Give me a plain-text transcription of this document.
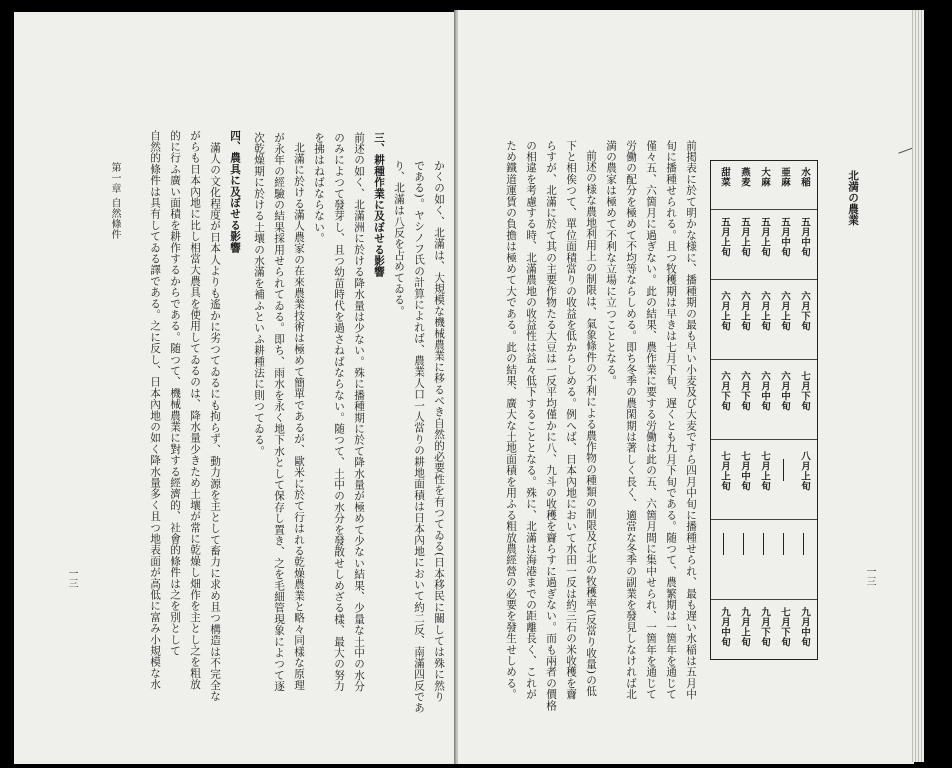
かくの如く、北滿は、大規模な機械農業に移るべき自然的必要性を有つてゐる(日本移民に關しては殊に然り
である)。ヤシノフ氏の計算によれば、農業人口一人當りの耕地面積は日本內地において約二反、南滿四反であ
り、北滿は八反を占めてゐる。
三、耕種作業に及ぼせる影響
前述の如く、北滿洲に於ける降水量は少ない。殊に播種期に於て降水量が極めて少ない結果、少量な土中の水分
のみによつて發芽し、且つ幼苗時代を過さねばならない。随つて、土中の水分を發散せしめざる樣、最大の努力
を拂はねばならない。
北滿に於ける滿人農家の在來農業技術は極めて簡單であるが、歐米に於て行はれる乾燥農業と略々同樣な原理
が永年の經驗の結果採用せられてゐる。即ち、雨水を永く地下水として保存し置き、之を毛細管現象によつて逐
次乾燥期に於ける土壤の水滿を補ふといふ耕種法に則つてゐる。
四、農具に及ぼせる影響
滿人の文化程度が日本人よりも遙かに劣つてゐるにも拘らず、動力源を主として畜力に求め且つ構造は不完全な
がらも日本內地に比し相當大農具を使用してゐるのは、降水量少きため土壤が常に乾燥し畑作を主とし之を粗放
的に行ふ廣い面積を耕作するからである。随つて、機械農業に對する經濟的、社會的條件は之を別として
自然的條件は具有してゐる譯である。之に反し、日本內地の如く降水量多く且つ地表面が高低に富み小規模な水
第一章 自然條件
一三
北満の農業
一三
水稲
亜麻
大麻
燕麦
甜菜
五月中旬
五月中旬
五月上旬
五月上旬
五月上旬
六月下旬
六月上旬
六月上旬
六月上旬
六月上旬
七月下旬
六月中旬
六月中旬
六月下旬
六月下旬
八月上旬
七月上旬
七月中旬
七月上旬
九月中旬
七月下旬
九月下旬
九月上旬
九月中旬
前掲表に於て明かな様に、播種期の最も早い小麦及び大麦ですら四月中旬に播種せられ、最も遅い水稲は五月中
旬に播種せられる。且つ牧穫期は早きは七月下旬、遅くとも九月下旬である。随つて、農繁期は一箇年を通じて
僅々五、六箇月に過ぎない。此の結果、農作業に要する労働は此の五、六箇月間に集中せられ、一箇年を通じて
労働の配分を極めて不均等ならしめる。即ち冬季の農閑期は著しく長く、適當な冬季の副業を發見しなければ北
満の農家は極めて不利な立場に立つこととなる。
前述の様な農地利用上の制限は、氣象條件の不利による農作物の種類の制限及び北の牧穫率(反當り收量)の低
下と相俟つて、單位面積當りの收益を低からしめる。例へば、日本內地において水田一反は約三石の米收穫を齎
らすが、北滿に於て其の主要作物たる大豆は一反平均僅かに八、九斗の收穫を齎らすに過ぎない。而も兩者の價格
の相違を考慮する時、北滿農地の收益性は益々低下することとなる。殊に、北滿は海港までの距離長く、これが
ため鐵道運賃の負擔は極めて大である。此の結果、廣大な土地面積を用ふる粗放農經營の必要を發生せしめる。
